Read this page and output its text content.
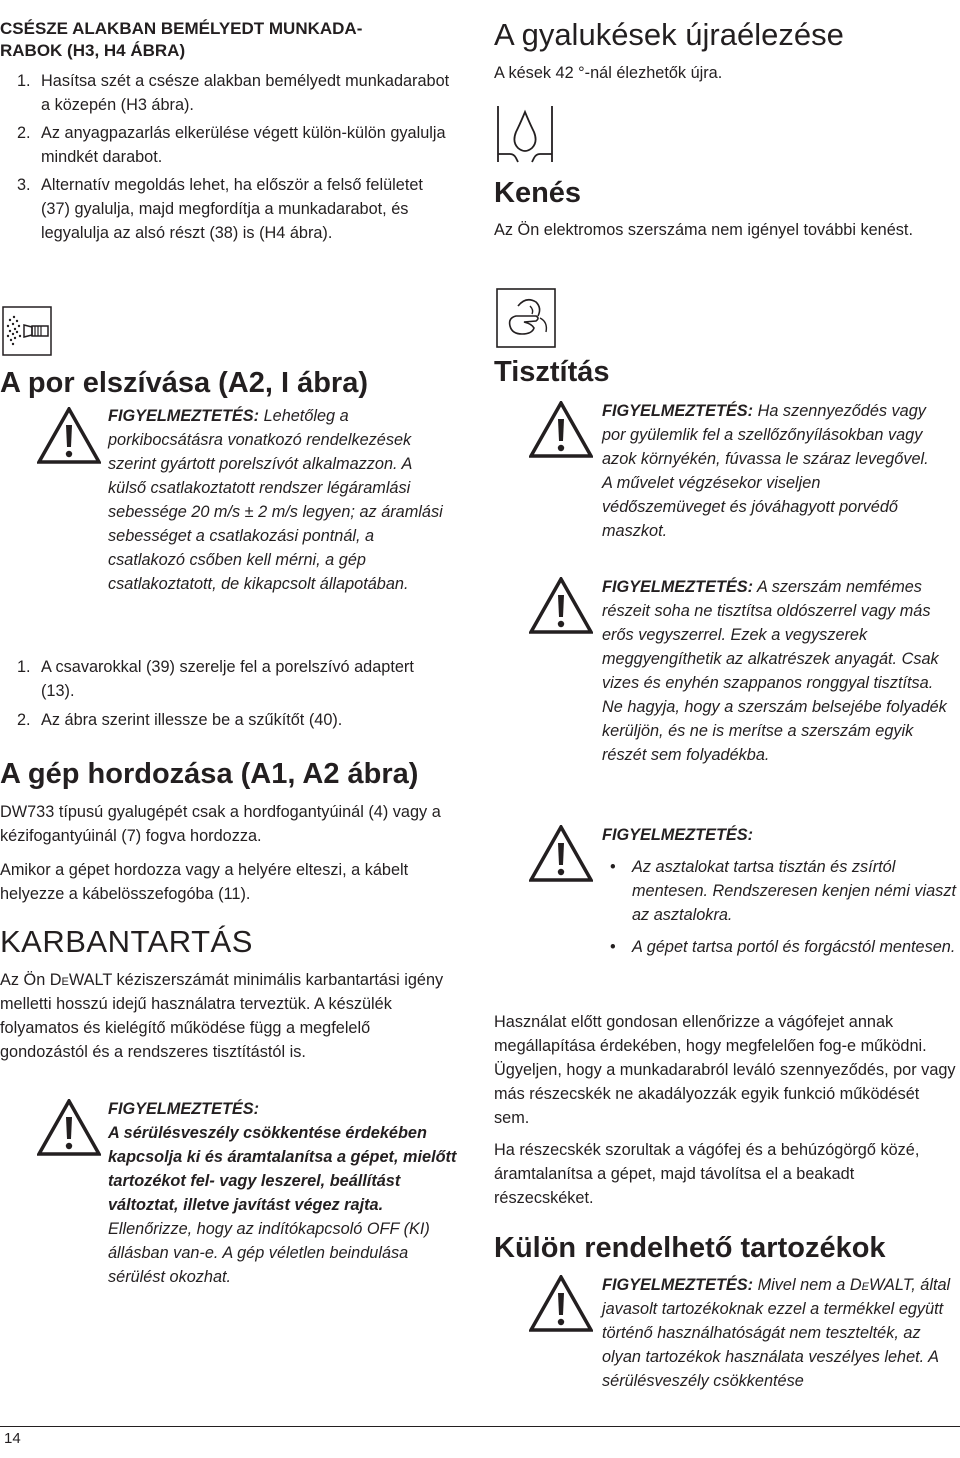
CSÉSZE ALAKBAN BEMÉLYEDT MUNKADA-
RABOK (H3, H4 ÁBRA)

1. Hasítsa szét a csésze alakban bemélyedt munkadarabot a közepén (H3 ábra).
2. Az anyagpazarlás elkerülése végett külön-külön gyalulja mindkét darabot.
3. Alternatív megoldás lehet, ha először a felső felületet (37) gyalulja, majd megfordítja a munkadarabot, és legyalulja az alsó részt (38) is (H4 ábra).
A por elszívása (A2, I ábra)

FIGYELMEZTETÉS: Lehetőleg a porkibocsátásra vonatkozó rendelkezések szerint gyártott porelszívót alkalmazzon. A külső csatlakoztatott rendszer légáramlási sebessége 20 m/s ± 2 m/s legyen; az áramlási sebességet a csatlakozási pontnál, a csatlakozó csőben kell mérni, a gép csatlakoztatott, de kikapcsolt állapotában.

1. A csavarokkal (39) szerelje fel a porelszívó adaptert (13).
2. Az ábra szerint illessze be a szűkítőt (40).
A gép hordozása (A1, A2 ábra)

DW733 típusú gyalugépét csak a hordfogantyúinál (4) vagy a kézifogantyúinál (7) fogva hordozza.

Amikor a gépet hordozza vagy a helyére elteszi, a kábelt helyezze a kábelösszefogóba (11).

KARBANTARTÁS

Az Ön DeWALT kéziszerszámát minimális karbantartási igény melletti hosszú idejű használatra terveztük. A készülék folyamatos és kielégítő működése függ a megfelelő gondozástól és a rendszeres tisztítástól is.

FIGYELMEZTETÉS:
A sérülésveszély csökkentése érdekében kapcsolja ki és áramtalanítsa a gépet, mielőtt tartozékot fel- vagy leszerel, beállítást változtat, illetve javítást végez rajta. Ellenőrizze, hogy az indítókapcsoló OFF (KI) állásban van-e. A gép véletlen beindulása sérülést okozhat.

A gyalukések újraélezése

A kések 42 °-nál élezhetők újra.

Kenés

Az Ön elektromos szerszáma nem igényel további kenést.

Tisztítás

FIGYELMEZTETÉS: Ha szennyeződés vagy por gyülemlik fel a szellőzőnyílásokban vagy azok környékén, fúvassa le száraz levegővel. A művelet végzésekor viseljen védőszemüveget és jóváhagyott porvédő maszkot.

FIGYELMEZTETÉS: A szerszám nemfémes részeit soha ne tisztítsa oldószerrel vagy más erős vegyszerrel. Ezek a vegyszerek meggyengíthetik az alkatrészek anyagát. Csak vizes és enyhén szappanos ronggyal tisztítsa. Ne hagyja, hogy a szerszám belsejébe folyadék kerüljön, és ne is merítse a szerszám egyik részét sem folyadékba.

FIGYELMEZTETÉS:
• Az asztalokat tartsa tisztán és zsírtól mentesen. Rendszeresen kenjen némi viaszt az asztalokra.
• A gépet tartsa portól és forgácstól mentesen.

Használat előtt gondosan ellenőrizze a vágófejet annak megállapítása érdekében, hogy megfelelően fog-e működni. Ügyeljen, hogy a munkadarabról leváló szennyeződés, por vagy más részecskék ne akadályozzák egyik funkció működését sem.

Ha részecskék szorultak a vágófej és a behúzógörgő közé, áramtalanítsa a gépet, majd távolítsa el a beakadt részecskéket.

Külön rendelhető tartozékok

FIGYELMEZTETÉS: Mivel nem a DeWALT, által javasolt tartozékoknak ezzel a termékkel együtt történő használhatóságát nem tesztelték, az olyan tartozékok használata veszélyes lehet. A sérülésveszély csökkentése

14
